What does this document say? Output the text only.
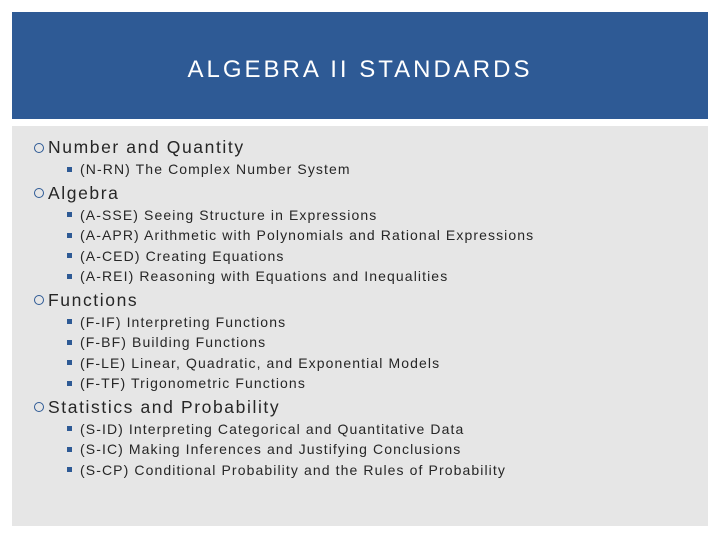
ALGEBRA II STANDARDS
Number and Quantity
(N-RN) The Complex Number System
Algebra
(A-SSE) Seeing Structure in Expressions
(A-APR) Arithmetic with Polynomials and Rational Expressions
(A-CED) Creating Equations
(A-REI) Reasoning with Equations and Inequalities
Functions
(F-IF) Interpreting Functions
(F-BF) Building Functions
(F-LE) Linear, Quadratic, and Exponential Models
(F-TF) Trigonometric Functions
Statistics and Probability
(S-ID) Interpreting Categorical and Quantitative Data
(S-IC) Making Inferences and Justifying Conclusions
(S-CP) Conditional Probability and the Rules of Probability
